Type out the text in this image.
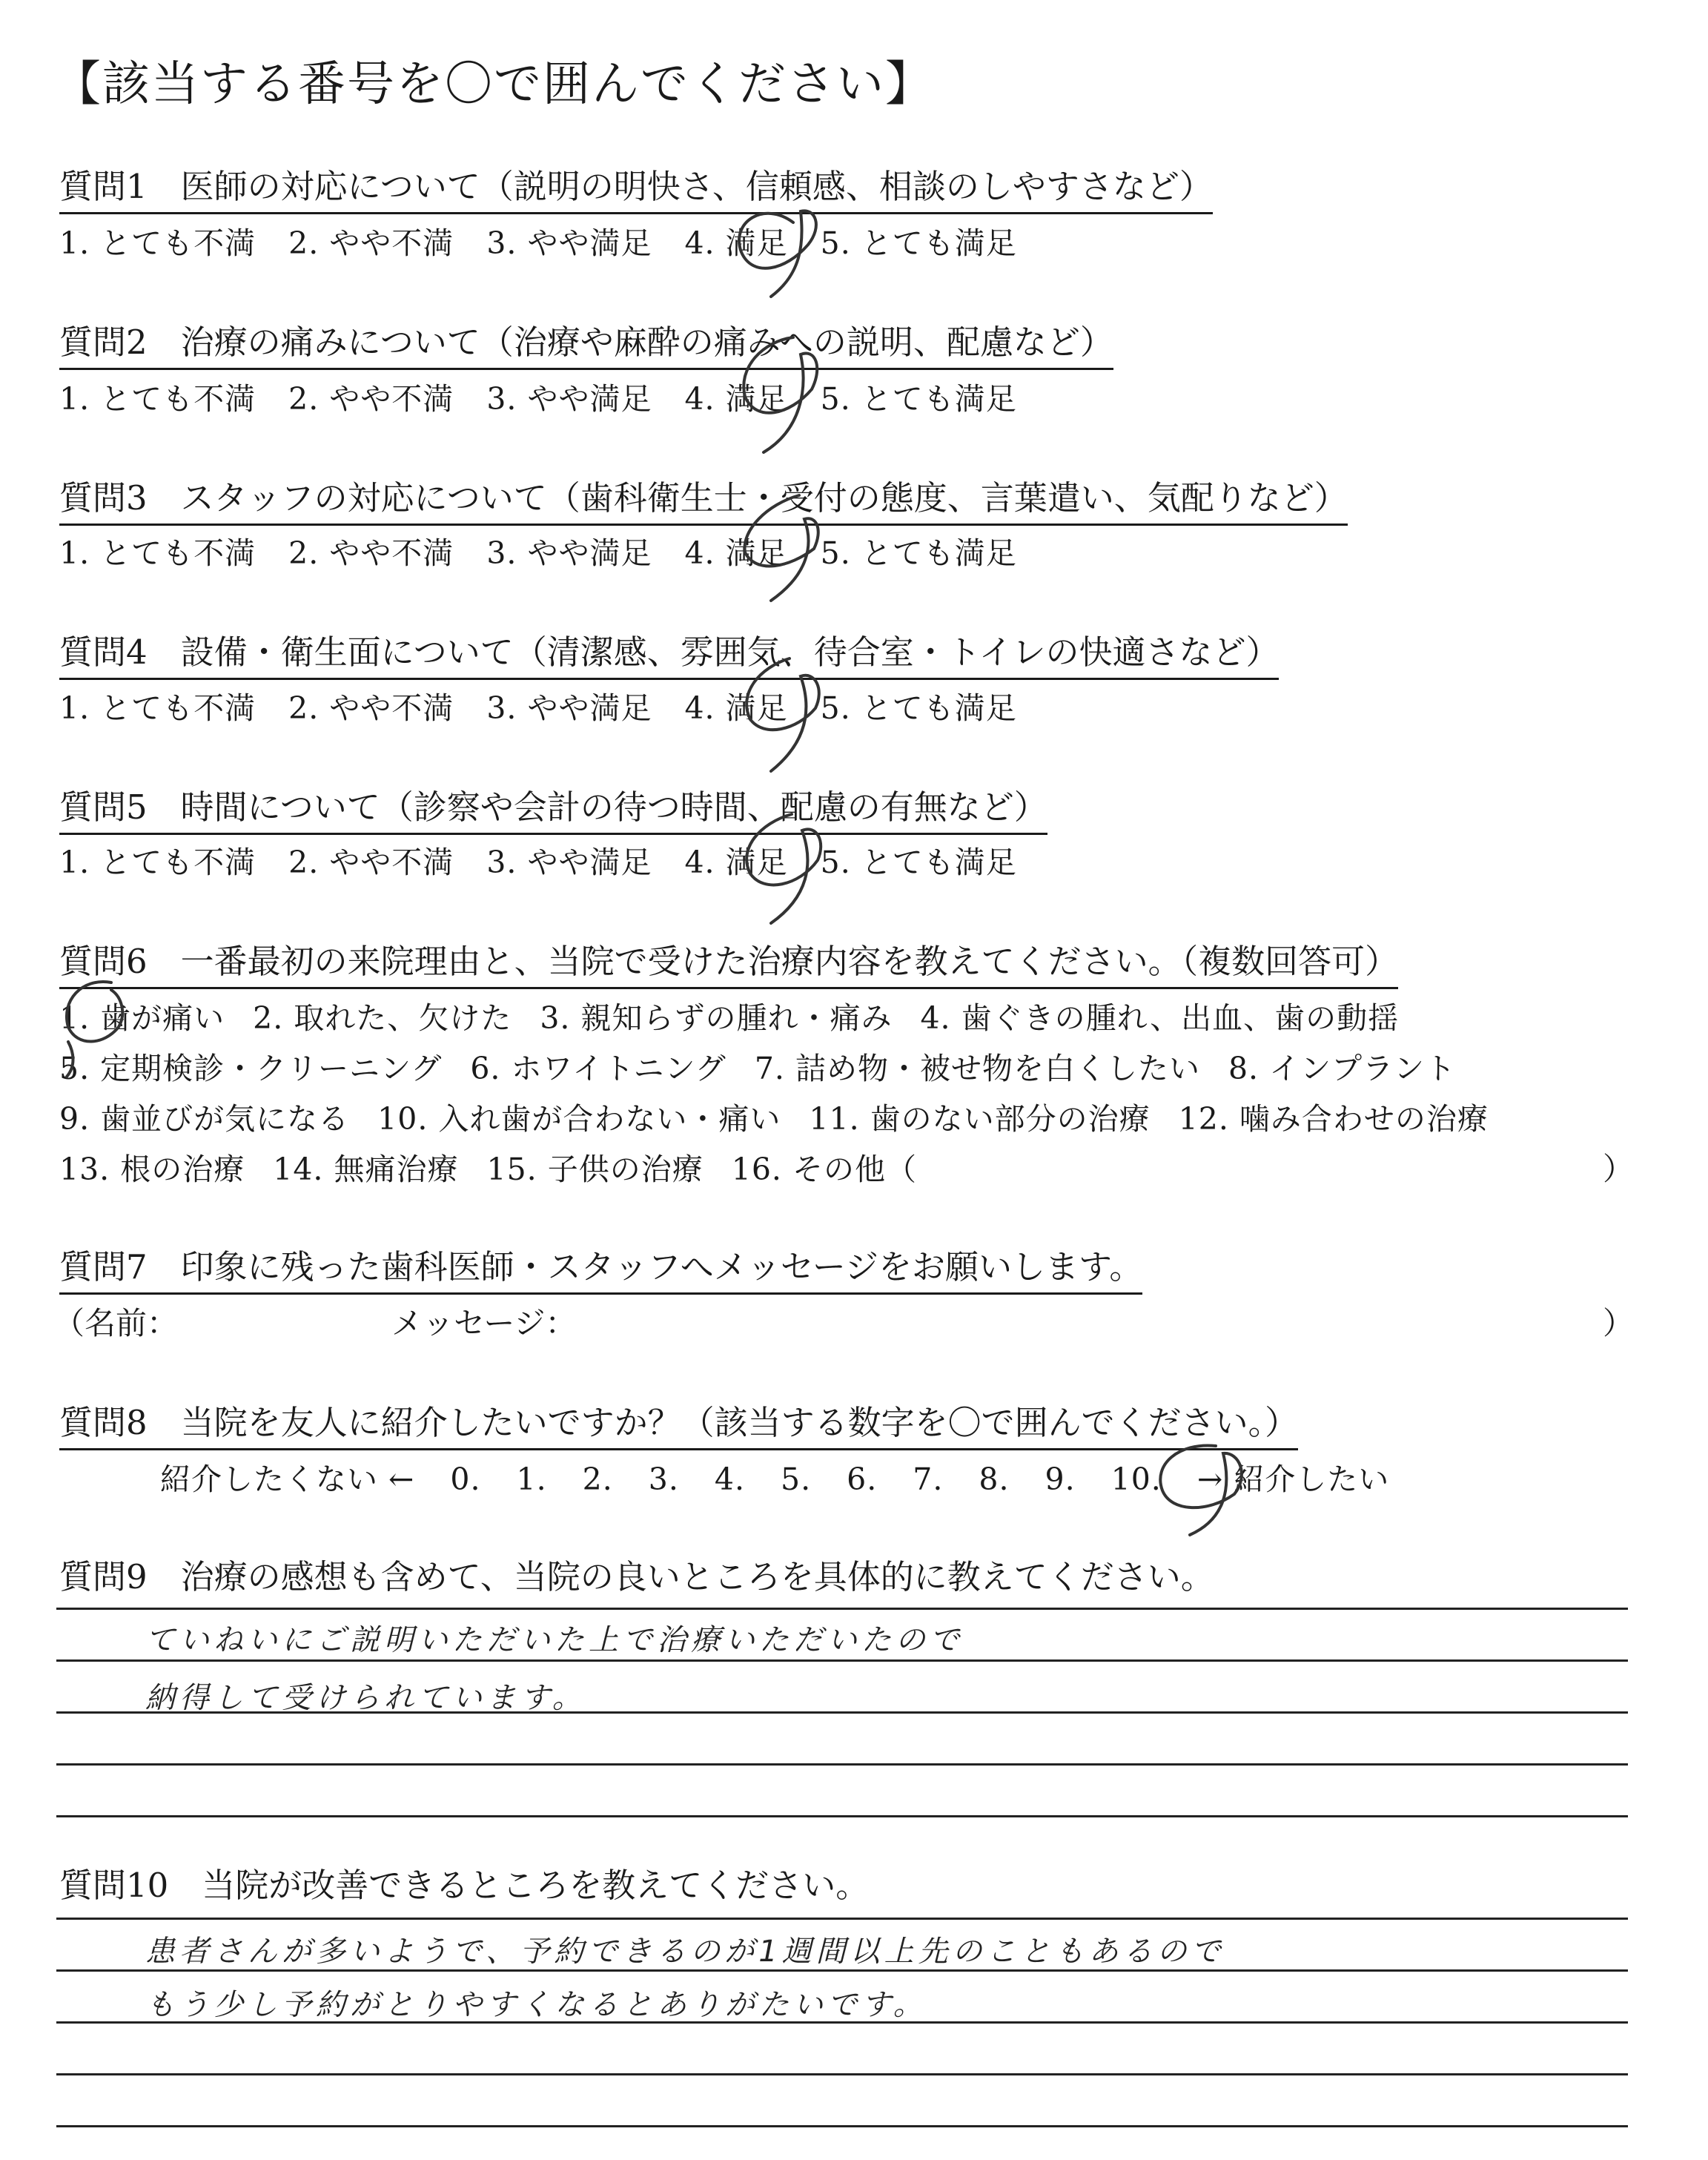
【該当する番号を〇で囲んでください】
質問1　医師の対応について（説明の明快さ、信頼感、相談のしやすさなど）
1. とても不満 2. やや不満 3. やや満足 4. 満足 5. とても満足
質問2　治療の痛みについて（治療や麻酔の痛みへの説明、配慮など）
1. とても不満 2. やや不満 3. やや満足 4. 満足 5. とても満足
質問3　スタッフの対応について（歯科衛生士・受付の態度、言葉遣い、気配りなど）
1. とても不満 2. やや不満 3. やや満足 4. 満足 5. とても満足
質問4　設備・衛生面について（清潔感、雰囲気、待合室・トイレの快適さなど）
1. とても不満 2. やや不満 3. やや満足 4. 満足 5. とても満足
質問5　時間について（診察や会計の待つ時間、配慮の有無など）
1. とても不満 2. やや不満 3. やや満足 4. 満足 5. とても満足
質問6　一番最初の来院理由と、当院で受けた治療内容を教えてください。（複数回答可）
1. 歯が痛い 2. 取れた、欠けた 3. 親知らずの腫れ・痛み 4. 歯ぐきの腫れ、出血、歯の動揺
5. 定期検診・クリーニング 6. ホワイトニング 7. 詰め物・被せ物を白くしたい 8. インプラント
9. 歯並びが気になる 10. 入れ歯が合わない・痛い 11. 歯のない部分の治療 12. 噛み合わせの治療
13. 根の治療 14. 無痛治療 15. 子供の治療 16. その他（	）
質問7　印象に残った歯科医師・スタッフへメッセージをお願いします。
（名前：	メッセージ：	）
質問8　当院を友人に紹介したいですか？（該当する数字を〇で囲んでください。）
紹介したくない ← 0. 1. 2. 3. 4. 5. 6. 7. 8. 9. 10. → 紹介したい
質問9　治療の感想も含めて、当院の良いところを具体的に教えてください。
ていねいにご説明いただいた上で治療いただいたので
納得して受けられています。
質問10　当院が改善できるところを教えてください。
患者さんが多いようで、予約できるのが1週間以上先のこともあるので
もう少し予約がとりやすくなるとありがたいです。
